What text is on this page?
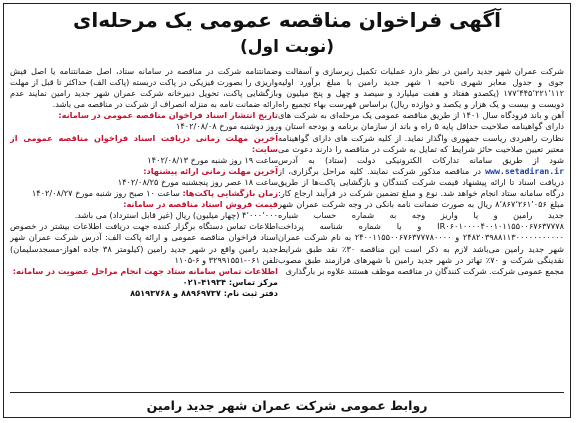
آگهی فراخوان مناقصه عمومی یک مرحله‌ای
(نوبت اول)

شرکت عمران شهر جدید رامین در نظر دارد عملیات تکمیل زیرسازی و آسفالت و جوی و جدول معابر شهری ناحیه ۱ شهر جدید رامین با مبلغ برآورد اولیه ۱۷۷٬۴۴۵٬۲۲۱٬۱۱۲ (یکصدو هفتاد و هفت میلیارد و سیصد و چهل و پنج میلیون و دویست و بیست و یک هزار و یکصد و دوازده ریال) براساس فهرست بهاء تجمیع راه آهن و باند فرودگاه سال ۱۴۰۱ از طریق مناقصه عمومی یک مرحله‌ای به شرکت های دارای گواهینامه صلاحیت حداقل پایه ۵ راه و باند از سازمان برنامه و بودجه استان و نظارت راهبردی ریاست جمهوری واگذار نماید. از کلیه شرکت های دارای گواهینامه معتبر تعیین صلاحیت حائز شرایط که تمایل به شرکت در مناقصه را دارند دعوت می شود از طریق سامانه تدارکات الکترونیکی دولت (ستاد) به آدرس www.setadiran.ir در مناقصه مذکور شرکت نمایند. کلیه مراحل برگزاری، از دریافت اسناد تا ارائه پیشنهاد قیمت شرکت کنندگان و بازگشایی پاکت‌ها از طریق درگاه سامانه ستاد انجام خواهد شد. نوع و مبلغ تضمین شرکت در فرآیند ارجاع کار: مبلغ ۸٬۸۶۷٬۲۶۱٬۰۵۶ ریال به صورت ضمانت نامه بانکی در وجه شرکت عمران شهر جدید رامین و یا واریز وجه به شماره حساب شباره IR۰۶۰۱۰۰۰۰۴۰۰۱۰۱۱۵۵۰۰۶۷۶۳۷۷۷۸ و یا شماره شناسه پرداخت ۲۴۸۲۰۳۹۸۸۱۱۳۰۰۰۰۰۰۰۰۰۰۰ و ۲۴۰۰۱۱۵۵۰۰۶۷۶۳۷۷۷۸۰۰۰۰ به نام شرکت عمران شهر جدید رامین می‌باشد لازم به ذکر است این مناقصه ۳۰٪ نقد طبق شرایط نقدینگی شرکت و ۷۰٪ تهاتر در شهر جدید رامین با شهرهای فرازمند طبق مصوب مجمع عمومی شرکت. شرکت کنندگان در مناقصه موظف هستند علاوه بر بارگذاری

ضمانتنامه شرکت در مناقصه در سامانه ستاد، اصل ضمانتنامه یا اصل فیش واریزی را بصورت فیزیکی در پاکت دربسته (پاکت الف) حداکثر تا قبل از مهلت بازگشایی پاکت، تحویل دبیرخانه شرکت عمران شهر جدید رامین نمایند عدم ارائه ضمانت نامه به منزله انصراف از شرکت در مناقصه می باشد.

تاریخ انتشار اسناد فراخوان مناقصه عمومی در سامانه:

روز دوشنبه مورخ ۱۴۰۲/۰۸/۰۸

آخرین مهلت زمانی دریافت اسناد فراخوان مناقصه عمومی از سایت:

ساعت ۱۹ روز شنبه مورخ ۱۴۰۲/۰۸/۱۳

آخرین مهلت زمانی ارائه پیشنهاد:

ساعت ۱۸ عصر روز پنجشنبه مورخ ۱۴۰۲/۰۸/۲۵

زمان بازگشایی پاکت‌ها: ساعت ۱۰ صبح روز شنبه مورخ ۱۴۰۲/۰۸/۲۷

قیمت فروش اسناد مناقصه در سامانه:

۴٬۰۰۰٬۰۰۰ (چهار میلیون) ریال (غیر قابل استرداد) می باشد.

اطلاعات تماس دستگاه برگزار کننده جهت دریافت اطلاعات بیشتر در خصوص اسناد فراخوان مناقصه عمومی و ارائه پاکت الف: آدرس شرکت عمران شهر جدید رامین واقع در شهر جدید رامین (کیلومتر ۳۸ جاده اهواز-مسجدسلیمان) تلفن ۰۶۱-۳۲۹۹۱۵۵۱ و ۶-۱۱۰۵

اطلاعات تماس سامانه ستاد جهت انجام مراحل عضویت در سامانه:

مرکز تماس: ۴۱۹۳۴-۰۲۱

دفتر ثبت نام: ۸۸۹۶۹۷۳۷ و ۸۵۱۹۳۷۶۸

روابط عمومی شرکت عمران شهر جدید رامین
